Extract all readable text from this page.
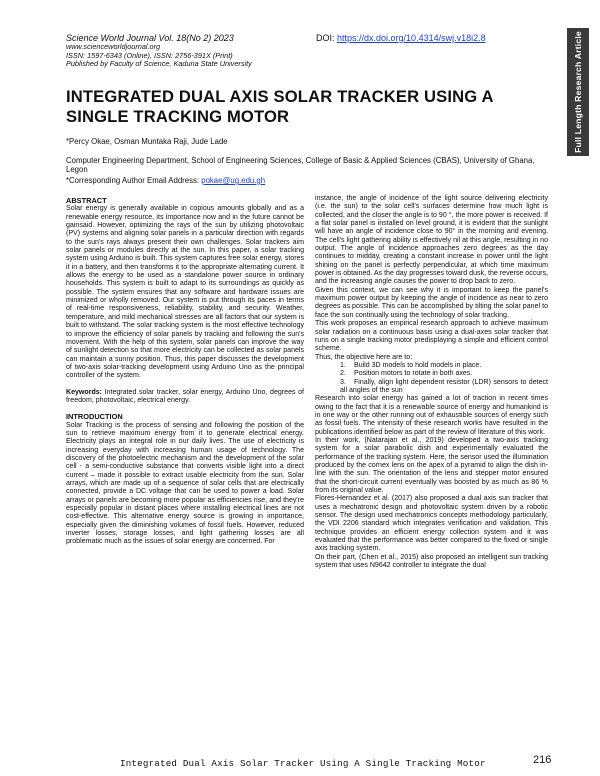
Science World Journal Vol. 18(No 2) 2023
www.scienceworldjournal.org
ISSN: 1597-6343 (Online), ISSN: 2756-391X (Print)
Published by Faculty of Science, Kaduna State University
DOI: https://dx.doi.org/10.4314/swj.v18i2.8	Full Length Research Article
INTEGRATED DUAL AXIS SOLAR TRACKER USING A SINGLE TRACKING MOTOR
*Percy Okae, Osman Muntaka Raji, Jude Lade
Computer Engineering Department, School of Engineering Sciences, College of Basic & Applied Sciences (CBAS), University of Ghana, Legon
*Corresponding Author Email Address: pokae@ug.edu.gh

ABSTRACT

Solar energy is generally available in copious amounts globally and as a renewable energy resource, its importance now and in the future cannot be gainsaid. However, optimizing the rays of the sun by utilizing photovoltaic (PV) systems and aligning solar panels in a particular direction with regards to the sun's rays always present their own challenges. Solar trackers aim solar panels or modules directly at the sun. In this paper, a solar tracking system using Arduino is built. This system captures free solar energy, stores it in a battery, and then transforms it to the appropriate alternating current. It allows the energy to be used as a standalone power source in ordinary households. This system is built to adapt to its surroundings as quickly as possible. The system ensures that any software and hardware issues are minimized or wholly removed. Our system is put through its paces in terms of real-time responsiveness, reliability, stability, and security. Weather, temperature, and mild mechanical stresses are all factors that our system is built to withstand. The solar tracking system is the most effective technology to improve the efficiency of solar panels by tracking and following the sun's movement. With the help of this system, solar panels can improve the way of sunlight detection so that more electricity can be collected as solar panels can maintain a sunny position. Thus, this paper discusses the development of two-axis solar-tracking development using Arduino Uno as the principal controller of the system.

Keywords: Integrated solar tracker, solar energy, Arduino Uno, degrees of freedom, photovoltaic, electrical energy.

INTRODUCTION

Solar Tracking is the process of sensing and following the position of the sun to retrieve maximum energy from it to generate electrical energy. Electricity plays an integral role in our daily lives. The use of electricity is increasing everyday with increasing human usage of technology. The discovery of the photoelectric mechanism and the development of the solar cell - a semi-conductive substance that converts visible light into a direct current – made it possible to extract usable electricity from the sun. Solar arrays, which are made up of a sequence of solar cells that are electrically connected, provide a DC voltage that can be used to power a load. Solar arrays or panels are becoming more popular as efficiencies rise, and they're especially popular in distant places where installing electrical lines are not cost-effective. This alternative energy source is growing in importance, especially given the diminishing volumes of fossil fuels. However, reduced inverter losses, storage losses, and light gathering losses are all problematic much as the issues of solar energy are concerned. For

instance, the angle of incidence of the light source delivering electricity (i.e. the sun) to the solar cell's surfaces determine how much light is collected, and the closer the angle is to 90 °, the more power is received. If a flat solar panel is installed on level ground, it is evident that the sunlight will have an angle of incidence close to 90° in the morning and evening. The cell's light gathering ability is effectively nil at this angle, resulting in no output. The angle of incidence approaches zero degrees as the day continues to midday, creating a constant increase in power until the light shining on the panel is perfectly perpendicular, at which time maximum power is obtained. As the day progresses toward dusk, the reverse occurs, and the increasing angle causes the power to drop back to zero.

Given this context, we can see why it is important to keep the panel's maximum power output by keeping the angle of incidence as near to zero degrees as possible. This can be accomplished by tilting the solar panel to face the sun continually using the technology of solar tracking.

This work proposes an empirical research approach to achieve maximum solar radiation on a continuous basis using a dual-axes solar tracker that runs on a single tracking motor predisplaying a simple and efficient control scheme.

Thus, the objective here are to:

1. Build 3D models to hold models in place.
2. Position motors to rotate in both axes.
3. Finally, align light dependent resistor (LDR) sensors to detect all angles of the sun

Research into solar energy has gained a lot of traction in recent times owing to the fact that it is a renewable source of energy and humankind is in one way or the other running out of exhaustible sources of energy such as fossil fuels. The intensity of these research works have resulted in the publications identified below as part of the review of literature of this work.

In their work, (Natarajan et al., 2019) developed a two-axis tracking system for a solar parabolic dish and experimentally evaluated the performance of the tracking system. Here, the sensor used the illumination produced by the cornex lens on the apex of a pyramid to align the dish in-line with the sun. The orientation of the lens and stepper motor ensured that the short-circuit current eventually was boosted by as much as 86 % from its original value.

Flores-Hernandez et al. (2017) also proposed a dual axis sun tracker that uses a mechatronic design and photovoltaic system driven by a robotic sensor. The design used mechatronics concepts methodology particularly, the VDI 2206 standard which integrates verification and validation. This technique provides an efficient energy collection system and it was evaluated that the performance was better compared to the fixed or single axis tracking system.

On their part, (Chen et al., 2015) also proposed an intelligent sun tracking system that uses N9642 controller to integrate the dual

Integrated Dual Axis Solar Tracker Using A Single Tracking Motor	216
